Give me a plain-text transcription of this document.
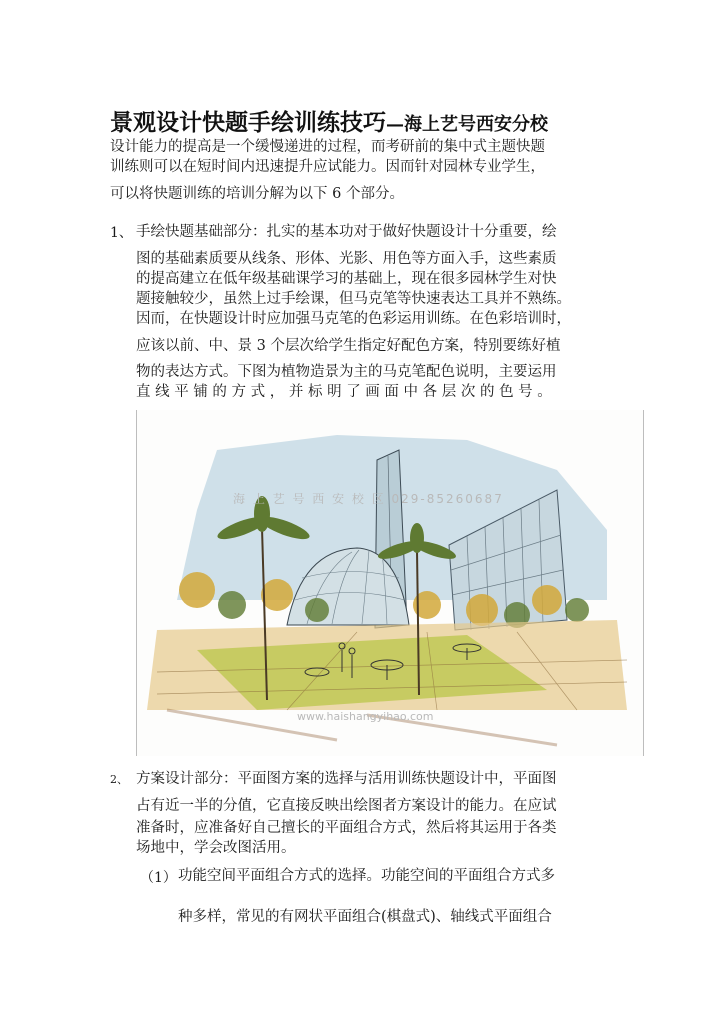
景观设计快题手绘训练技巧—海上艺号西安分校
设计能力的提高是一个缓慢递进的过程，而考研前的集中式主题快题
训练则可以在短时间内迅速提升应试能力。因而针对园林专业学生，
可以将快题训练的培训分解为以下 6 个部分。
1、 手绘快题基础部分：扎实的基本功对于做好快题设计十分重要，绘
图的基础素质要从线条、形体、光影、用色等方面入手，这些素质
的提高建立在低年级基础课学习的基础上，现在很多园林学生对快
题接触较少，虽然上过手绘课，但马克笔等快速表达工具并不熟练。
因而，在快题设计时应加强马克笔的色彩运用训练。在色彩培训时，
应该以前、中、景 3 个层次给学生指定好配色方案，特别要练好植
物的表达方式。下图为植物造景为主的马克笔配色说明，主要运用
直 线 平 铺 的 方 式 ， 并 标 明 了 画 面 中 各 层 次 的 色 号 。
海 上 艺 号 西 安 校 区 029-85260687
www.haishangyihao.com
2、 方案设计部分：平面图方案的选择与活用训练快题设计中，平面图
占有近一半的分值，它直接反映出绘图者方案设计的能力。在应试
准备时，应准备好自己擅长的平面组合方式，然后将其运用于各类
场地中，学会改图活用。
（1） 功能空间平面组合方式的选择。功能空间的平面组合方式多
种多样，常见的有网状平面组合(棋盘式)、轴线式平面组合
